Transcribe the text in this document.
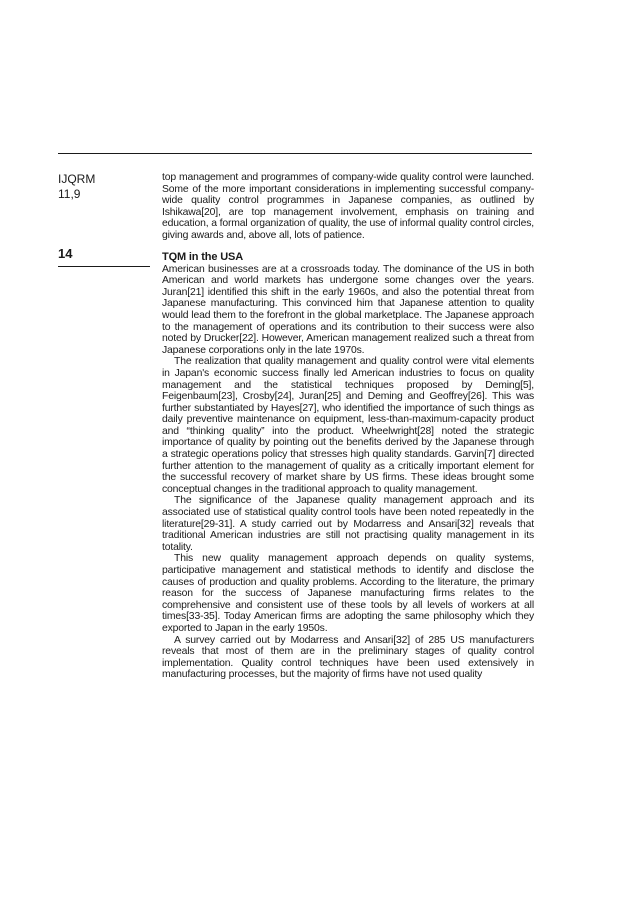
IJQRM
11,9
14

top management and programmes of company-wide quality control were launched. Some of the more important considerations in implementing successful company-wide quality control programmes in Japanese companies, as outlined by Ishikawa[20], are top management involvement, emphasis on training and education, a formal organization of quality, the use of informal quality control circles, giving awards and, above all, lots of patience.

TQM in the USA

American businesses are at a crossroads today. The dominance of the US in both American and world markets has undergone some changes over the years. Juran[21] identified this shift in the early 1960s, and also the potential threat from Japanese manufacturing. This convinced him that Japanese attention to quality would lead them to the forefront in the global marketplace. The Japanese approach to the management of operations and its contribution to their success were also noted by Drucker[22]. However, American management realized such a threat from Japanese corporations only in the late 1970s.

The realization that quality management and quality control were vital elements in Japan's economic success finally led American industries to focus on quality management and the statistical techniques proposed by Deming[5], Feigenbaum[23], Crosby[24], Juran[25] and Deming and Geoffrey[26]. This was further substantiated by Hayes[27], who identified the importance of such things as daily preventive maintenance on equipment, less-than-maximum-capacity product and “thinking quality” into the product. Wheelwright[28] noted the strategic importance of quality by pointing out the benefits derived by the Japanese through a strategic operations policy that stresses high quality standards. Garvin[7] directed further attention to the management of quality as a critically important element for the successful recovery of market share by US firms. These ideas brought some conceptual changes in the traditional approach to quality management.

The significance of the Japanese quality management approach and its associated use of statistical quality control tools have been noted repeatedly in the literature[29-31]. A study carried out by Modarress and Ansari[32] reveals that traditional American industries are still not practising quality management in its totality.

This new quality management approach depends on quality systems, participative management and statistical methods to identify and disclose the causes of production and quality problems. According to the literature, the primary reason for the success of Japanese manufacturing firms relates to the comprehensive and consistent use of these tools by all levels of workers at all times[33-35]. Today American firms are adopting the same philosophy which they exported to Japan in the early 1950s.

A survey carried out by Modarress and Ansari[32] of 285 US manufacturers reveals that most of them are in the preliminary stages of quality control implementation. Quality control techniques have been used extensively in manufacturing processes, but the majority of firms have not used quality
